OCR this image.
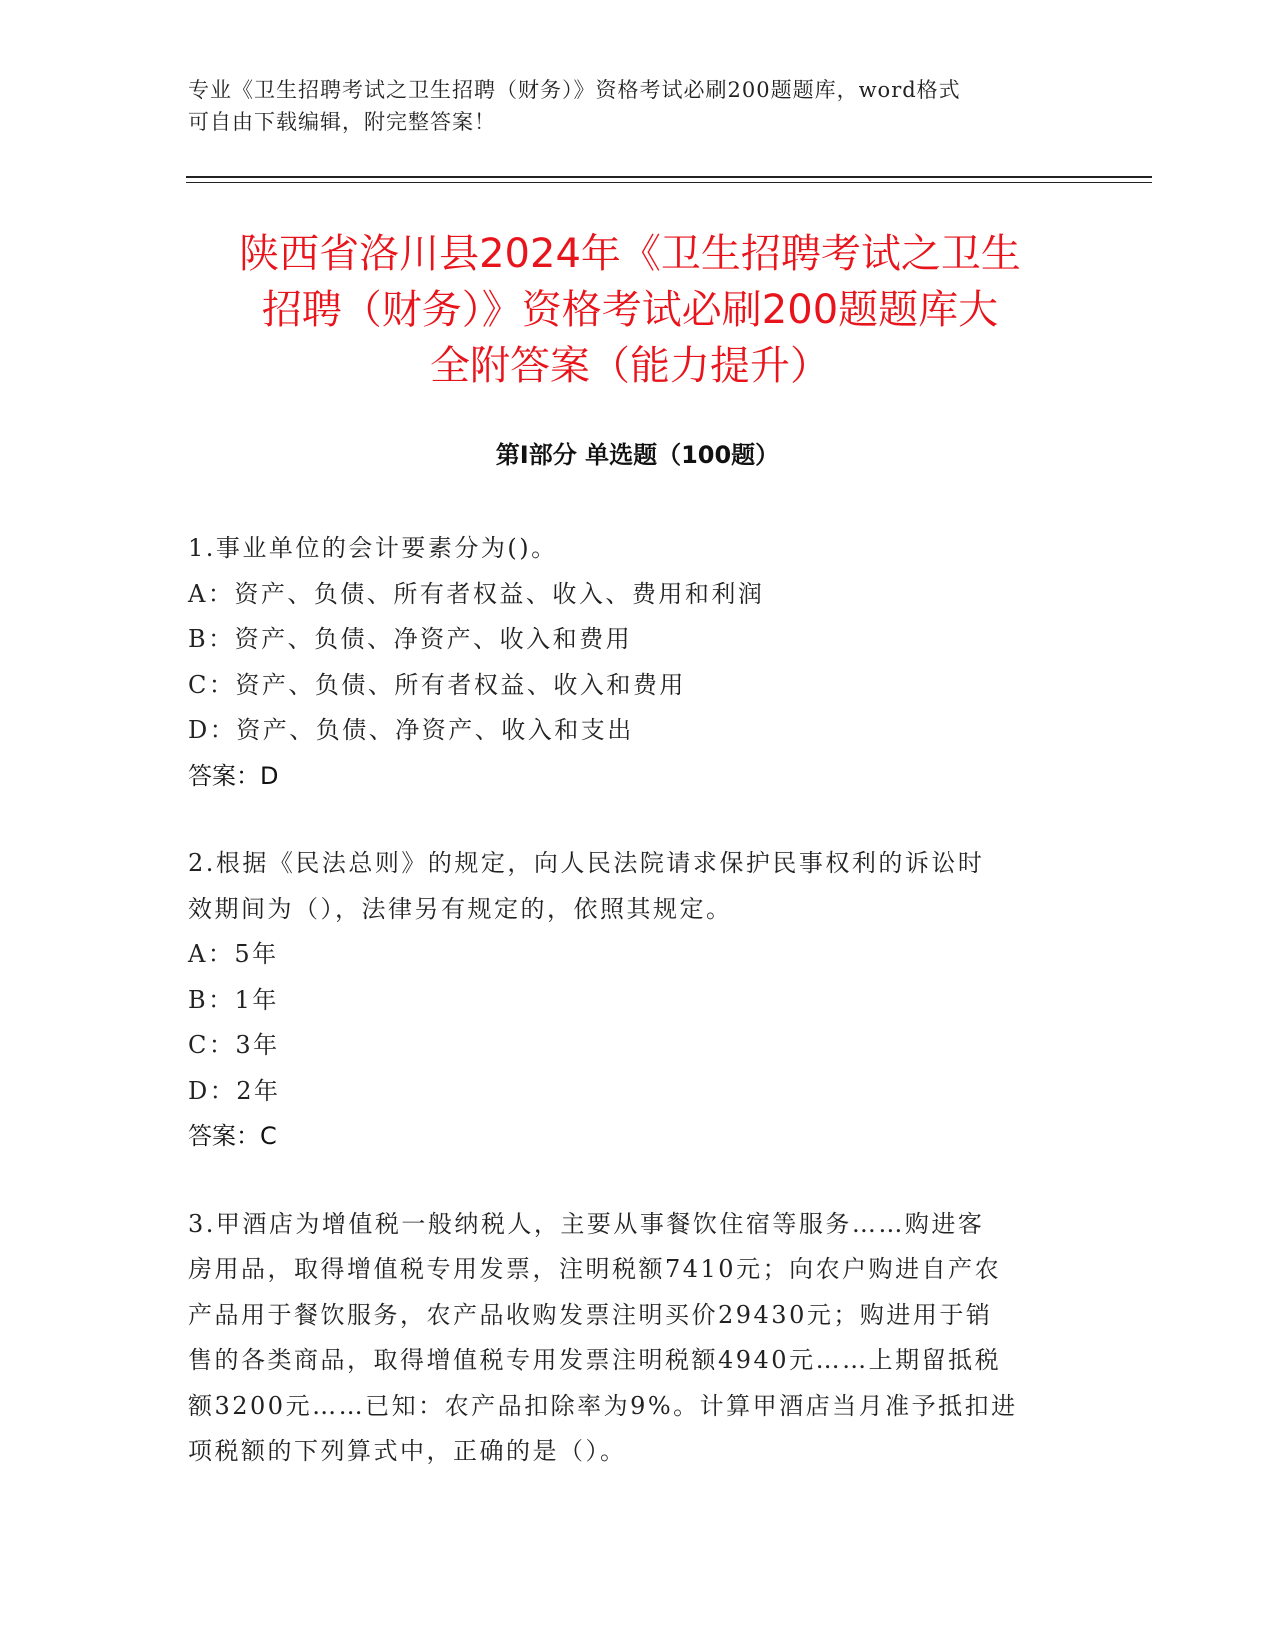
专业《卫生招聘考试之卫生招聘（财务）》资格考试必刷200题题库，word格式
可自由下载编辑，附完整答案！
陕西省洛川县2024年《卫生招聘考试之卫生
招聘（财务）》资格考试必刷200题题库大
全附答案（能力提升）
第Ⅰ部分 单选题（100题）

1.事业单位的会计要素分为()。

A：资产、负债、所有者权益、收入、费用和利润

B：资产、负债、净资产、收入和费用

C：资产、负债、所有者权益、收入和费用

D：资产、负债、净资产、收入和支出

答案：D

2.根据《民法总则》的规定，向人民法院请求保护民事权利的诉讼时

效期间为（），法律另有规定的，依照其规定。

A：5年

B：1年

C：3年

D：2年

答案：C

3.甲酒店为增值税一般纳税人，主要从事餐饮住宿等服务……购进客

房用品，取得增值税专用发票，注明税额7410元；向农户购进自产农

产品用于餐饮服务，农产品收购发票注明买价29430元；购进用于销

售的各类商品，取得增值税专用发票注明税额4940元……上期留抵税

额3200元……已知：农产品扣除率为9%。计算甲酒店当月准予抵扣进

项税额的下列算式中，正确的是（）。
